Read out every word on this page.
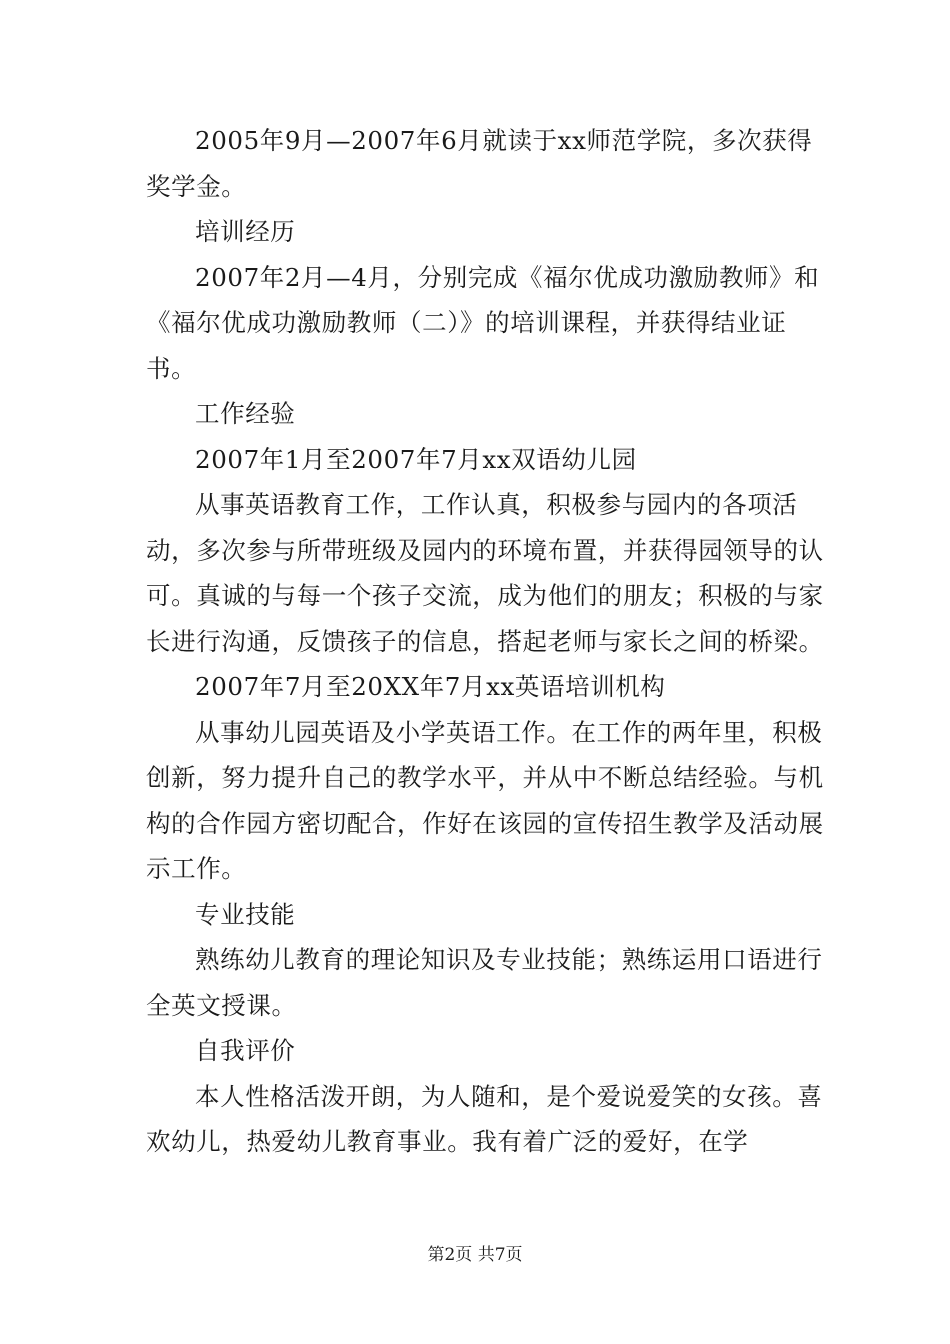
2005年9月—2007年6月就读于xx师范学院，多次获得奖学金。

培训经历

2007年2月—4月，分别完成《福尔优成功激励教师》和《福尔优成功激励教师（二）》的培训课程，并获得结业证书。

工作经验

2007年1月至2007年7月xx双语幼儿园

从事英语教育工作，工作认真，积极参与园内的各项活动，多次参与所带班级及园内的环境布置，并获得园领导的认可。真诚的与每一个孩子交流，成为他们的朋友；积极的与家长进行沟通，反馈孩子的信息，搭起老师与家长之间的桥梁。

2007年7月至20XX年7月xx英语培训机构

从事幼儿园英语及小学英语工作。在工作的两年里，积极创新，努力提升自己的教学水平，并从中不断总结经验。与机构的合作园方密切配合，作好在该园的宣传招生教学及活动展示工作。

专业技能

熟练幼儿教育的理论知识及专业技能；熟练运用口语进行全英文授课。

自我评价

本人性格活泼开朗，为人随和，是个爱说爱笑的女孩。喜欢幼儿，热爱幼儿教育事业。我有着广泛的爱好，在学

第2页 共7页
